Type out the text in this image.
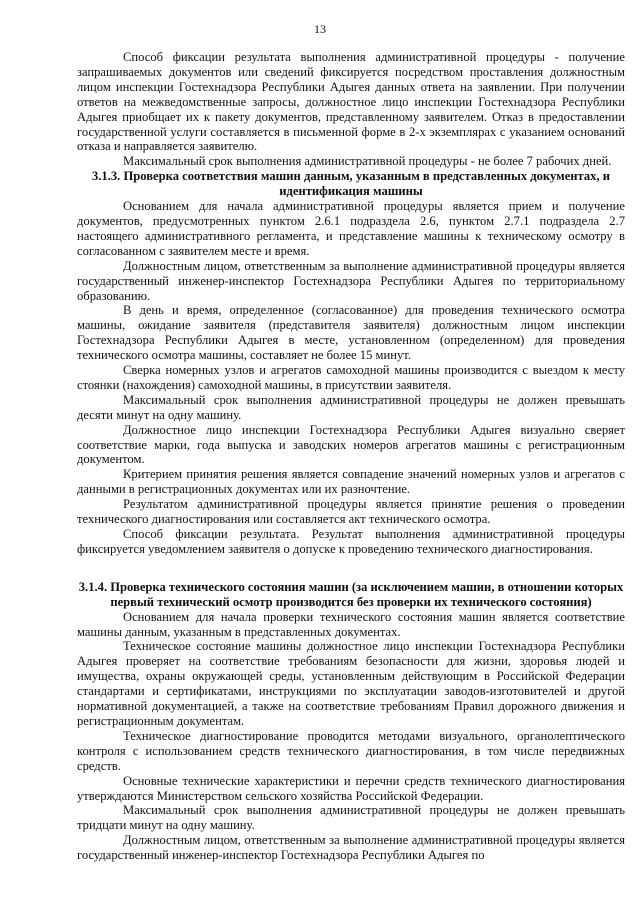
13

Способ фиксации результата выполнения административной процедуры - получение запрашиваемых документов или сведений фиксируется посредством проставления должностным лицом инспекции Гостехнадзора Республики Адыгея данных ответа на заявлении. При получении ответов на межведомственные запросы, должностное лицо инспекции Гостехнадзора Республики Адыгея приобщает их к пакету документов, представленному заявителем. Отказ в предоставлении государственной услуги составляется в письменной форме в 2-х экземплярах с указанием оснований отказа и направляется заявителю.

Максимальный срок выполнения административной процедуры - не более 7 рабочих дней.

3.1.3. Проверка соответствия машин данным, указанным в представленных документах, и идентификация машины

Основанием для начала административной процедуры является прием и получение документов, предусмотренных пунктом 2.6.1 подраздела 2.6, пунктом 2.7.1 подраздела 2.7 настоящего административного регламента, и представление машины к техническому осмотру в согласованном с заявителем месте и время.

Должностным лицом, ответственным за выполнение административной процедуры является государственный инженер-инспектор Гостехнадзора Республики Адыгея по территориальному образованию.

В день и время, определенное (согласованное) для проведения технического осмотра машины, ожидание заявителя (представителя заявителя) должностным лицом инспекции Гостехнадзора Республики Адыгея в месте, установленном (определенном) для проведения технического осмотра машины, составляет не более 15 минут.

Сверка номерных узлов и агрегатов самоходной машины производится с выездом к месту стоянки (нахождения) самоходной машины, в присутствии заявителя.

Максимальный срок выполнения административной процедуры не должен превышать десяти минут на одну машину.

Должностное лицо инспекции Гостехнадзора Республики Адыгея визуально сверяет соответствие марки, года выпуска и заводских номеров агрегатов машины с регистрационным документом.

Критерием принятия решения является совпадение значений номерных узлов и агрегатов с данными в регистрационных документах или их разночтение.

Результатом административной процедуры является принятие решения о проведении технического диагностирования или составляется акт технического осмотра.

Способ фиксации результата. Результат выполнения административной процедуры фиксируется уведомлением заявителя о допуске к проведению технического диагностирования.

3.1.4. Проверка технического состояния машин (за исключением машин, в отношении которых первый технический осмотр производится без проверки их технического состояния)

Основанием для начала проверки технического состояния машин является соответствие машины данным, указанным в представленных документах.

Техническое состояние машины должностное лицо инспекции Гостехнадзора Республики Адыгея проверяет на соответствие требованиям безопасности для жизни, здоровья людей и имущества, охраны окружающей среды, установленным действующим в Российской Федерации стандартами и сертификатами, инструкциями по эксплуатации заводов-изготовителей и другой нормативной документацией, а также на соответствие требованиям Правил дорожного движения и регистрационным документам.

Техническое диагностирование проводится методами визуального, органолептического контроля с использованием средств технического диагностирования, в том числе передвижных средств.

Основные технические характеристики и перечни средств технического диагностирования утверждаются Министерством сельского хозяйства Российской Федерации.

Максимальный срок выполнения административной процедуры не должен превышать тридцати минут на одну машину.

Должностным лицом, ответственным за выполнение административной процедуры является государственный инженер-инспектор Гостехнадзора Республики Адыгея по
